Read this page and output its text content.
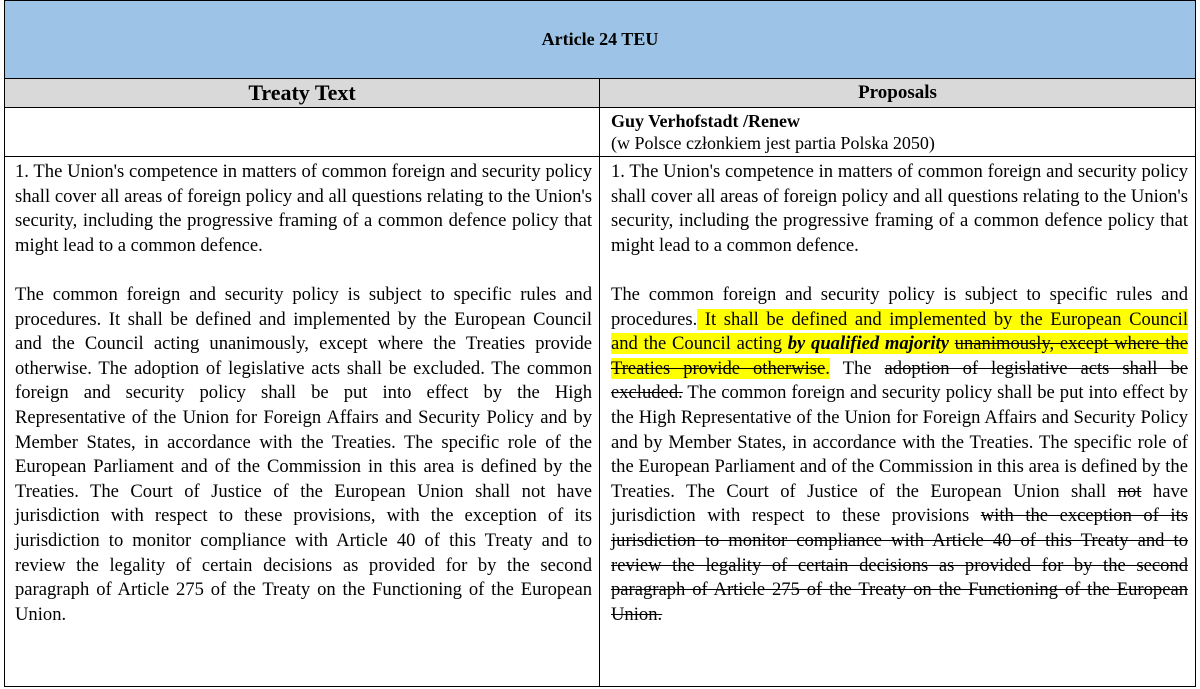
Article 24 TEU
Treaty Text	Proposals
Guy Verhofstadt /Renew
(w Polsce członkiem jest partia Polska 2050)

1. The Union's competence in matters of common foreign and security policy shall cover all areas of foreign policy and all questions relating to the Union's security, including the progressive framing of a common defence policy that might lead to a common defence.

The common foreign and security policy is subject to specific rules and procedures. It shall be defined and implemented by the European Council and the Council acting unanimously, except where the Treaties provide otherwise. The adoption of legislative acts shall be excluded. The common foreign and security policy shall be put into effect by the High Representative of the Union for Foreign Affairs and Security Policy and by Member States, in accordance with the Treaties. The specific role of the European Parliament and of the Commission in this area is defined by the Treaties. The Court of Justice of the European Union shall not have jurisdiction with respect to these provisions, with the exception of its jurisdiction to monitor compliance with Article 40 of this Treaty and to review the legality of certain decisions as provided for by the second paragraph of Article 275 of the Treaty on the Functioning of the European Union.

1. The Union's competence in matters of common foreign and security policy shall cover all areas of foreign policy and all questions relating to the Union's security, including the progressive framing of a common defence policy that might lead to a common defence.

The common foreign and security policy is subject to specific rules and procedures. It shall be defined and implemented by the European Council and the Council acting by qualified majority unanimously, except where the Treaties provide otherwise. The adoption of legislative acts shall be excluded. The common foreign and security policy shall be put into effect by the High Representative of the Union for Foreign Affairs and Security Policy and by Member States, in accordance with the Treaties. The specific role of the European Parliament and of the Commission in this area is defined by the Treaties. The Court of Justice of the European Union shall not have jurisdiction with respect to these provisions with the exception of its jurisdiction to monitor compliance with Article 40 of this Treaty and to review the legality of certain decisions as provided for by the second paragraph of Article 275 of the Treaty on the Functioning of the European Union.
